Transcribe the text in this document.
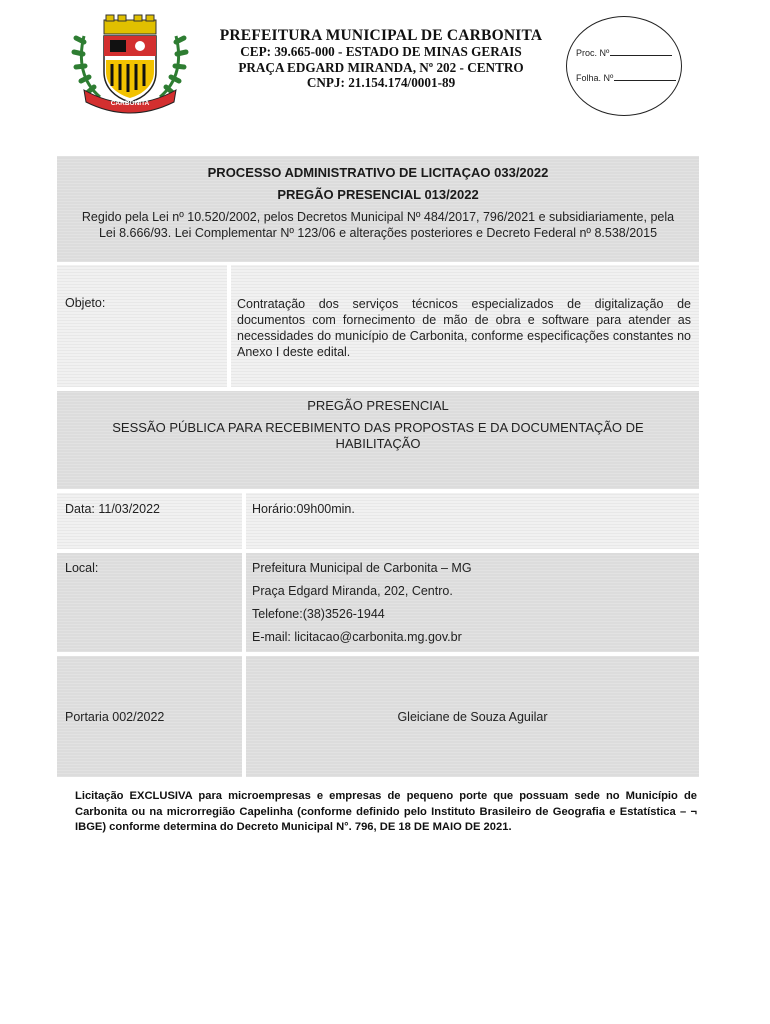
CARBONITA
PREFEITURA MUNICIPAL DE CARBONITA
CEP: 39.665-000 - ESTADO DE MINAS GERAIS
PRAÇA EDGARD MIRANDA, Nº 202 - CENTRO
CNPJ: 21.154.174/0001-89
Proc. Nº
Folha. Nº
PROCESSO ADMINISTRATIVO DE LICITAÇAO 033/2022
PREGÃO PRESENCIAL 013/2022
Regido pela Lei nº 10.520/2002, pelos Decretos Municipal Nº 484/2017, 796/2021 e subsidiariamente, pela Lei 8.666/93. Lei Complementar Nº 123/06 e alterações posteriores e Decreto Federal nº 8.538/2015
Objeto:	Contratação dos serviços técnicos especializados de digitalização de documentos com fornecimento de mão de obra e software para atender as necessidades do município de Carbonita, conforme especificações constantes no Anexo I deste edital.
PREGÃO PRESENCIAL
SESSÃO PÚBLICA PARA RECEBIMENTO DAS PROPOSTAS E DA DOCUMENTAÇÃO DE HABILITAÇÃO
Data: 11/03/2022	Horário:09h00min.
Local:	Prefeitura Municipal de Carbonita – MG
Praça Edgard Miranda, 202, Centro.
Telefone:(38)3526-1944
E-mail: licitacao@carbonita.mg.gov.br
Portaria 002/2022	Gleiciane de Souza Aguilar
Licitação EXCLUSIVA para microempresas e empresas de pequeno porte que possuam sede no Município de Carbonita ou na microrregião Capelinha (conforme definido pelo Instituto Brasileiro de Geografia e Estatística – ¬ IBGE) conforme determina do Decreto Municipal N°. 796, DE 18 DE MAIO DE 2021.
